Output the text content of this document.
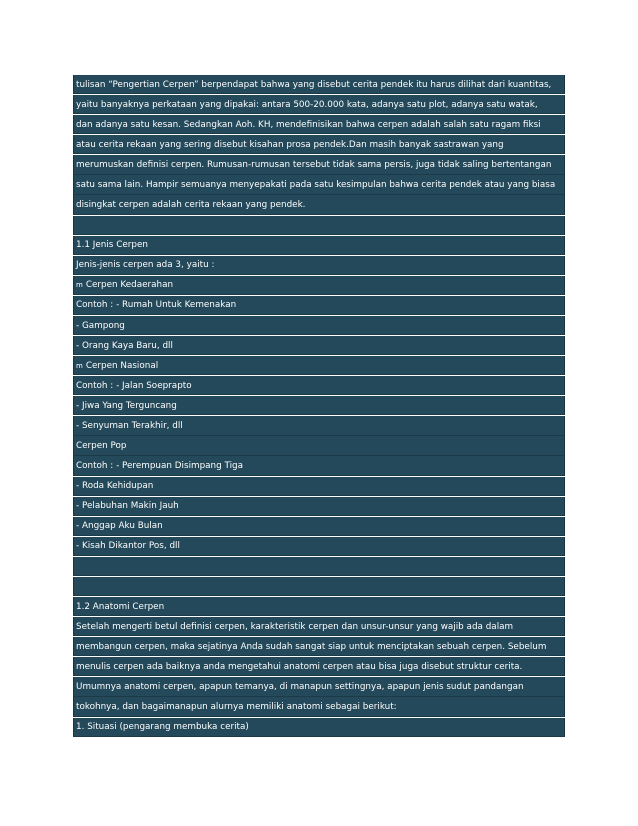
tulisan “Pengertian Cerpen” berpendapat bahwa yang disebut cerita pendek itu harus dilihat dari kuantitas,
yaitu banyaknya perkataan yang dipakai: antara 500-20.000 kata, adanya satu plot, adanya satu watak,
dan adanya satu kesan. Sedangkan Aoh. KH, mendefinisikan bahwa cerpen adalah salah satu ragam fiksi
atau cerita rekaan yang sering disebut kisahan prosa pendek.Dan masih banyak sastrawan yang
merumuskan definisi cerpen. Rumusan-rumusan tersebut tidak sama persis, juga tidak saling bertentangan
satu sama lain. Hampir semuanya menyepakati pada satu kesimpulan bahwa cerita pendek atau yang biasa
disingkat cerpen adalah cerita rekaan yang pendek.
1.1 Jenis Cerpen
Jenis-jenis cerpen ada 3, yaitu :
m Cerpen Kedaerahan
Contoh : - Rumah Untuk Kemenakan
- Gampong
- Orang Kaya Baru, dll
m Cerpen Nasional
Contoh : - Jalan Soeprapto
- Jiwa Yang Terguncang
- Senyuman Terakhir, dll
Cerpen Pop
Contoh : - Perempuan Disimpang Tiga
- Roda Kehidupan
- Pelabuhan Makin Jauh
- Anggap Aku Bulan
- Kisah Dikantor Pos, dll
1.2 Anatomi Cerpen
Setelah mengerti betul definisi cerpen, karakteristik cerpen dan unsur-unsur yang wajib ada dalam
membangun cerpen, maka sejatinya Anda sudah sangat siap untuk menciptakan sebuah cerpen. Sebelum
menulis cerpen ada baiknya anda mengetahui anatomi cerpen atau bisa juga disebut struktur cerita.
Umumnya anatomi cerpen, apapun temanya, di manapun settingnya, apapun jenis sudut pandangan
tokohnya, dan bagaimanapun alurnya memiliki anatomi sebagai berikut:
1. Situasi (pengarang membuka cerita)
